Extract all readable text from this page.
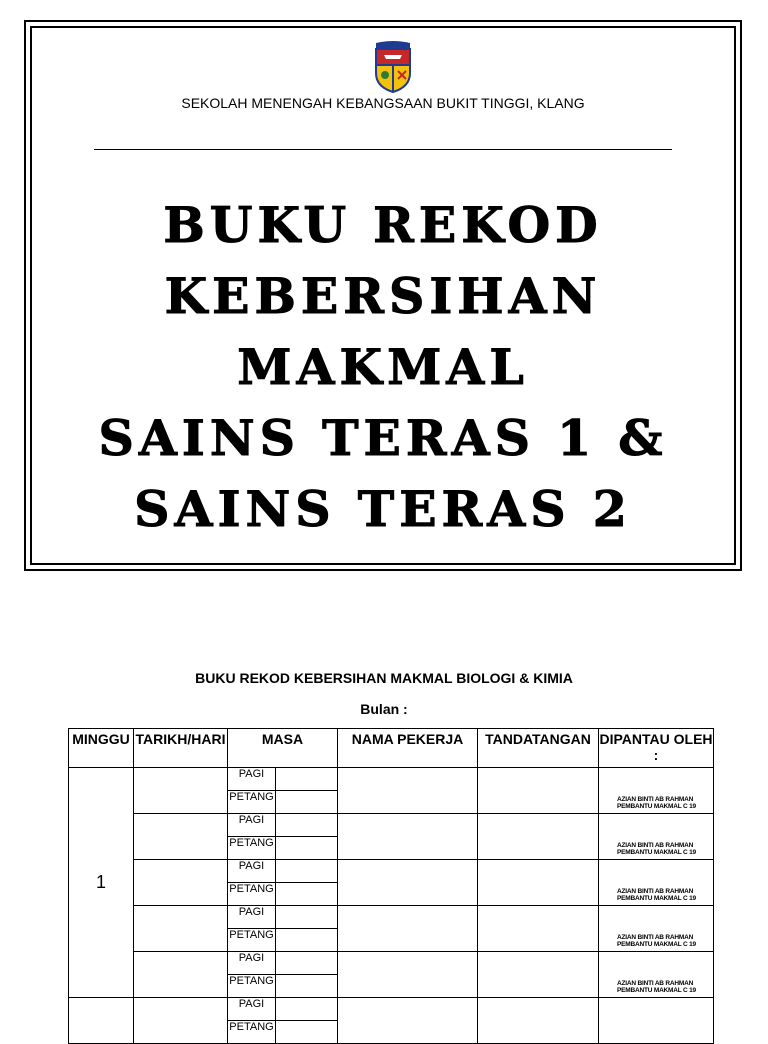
SEKOLAH MENENGAH KEBANGSAAN BUKIT TINGGI, KLANG
BUKU REKOD
KEBERSIHAN
MAKMAL
SAINS TERAS 1 &
SAINS TERAS 2
BUKU REKOD KEBERSIHAN MAKMAL BIOLOGI & KIMIA
Bulan :
MINGGU	TARIKH/HARI	MASA		NAMA PEKERJA	TANDATANGAN	DIPANTAU OLEH :
1		PAGI				AZIAN BINTI AB RAHMAN
PEMBANTU MAKMAL C 19

		PETANG				
		PAGI				AZIAN BINTI AB RAHMAN
PEMBANTU MAKMAL C 19

		PETANG				
		PAGI				AZIAN BINTI AB RAHMAN
PEMBANTU MAKMAL C 19

		PETANG				
		PAGI				AZIAN BINTI AB RAHMAN
PEMBANTU MAKMAL C 19

		PETANG				
		PAGI				AZIAN BINTI AB RAHMAN
PEMBANTU MAKMAL C 19

		PETANG				
		PAGI				
		PETANG				
